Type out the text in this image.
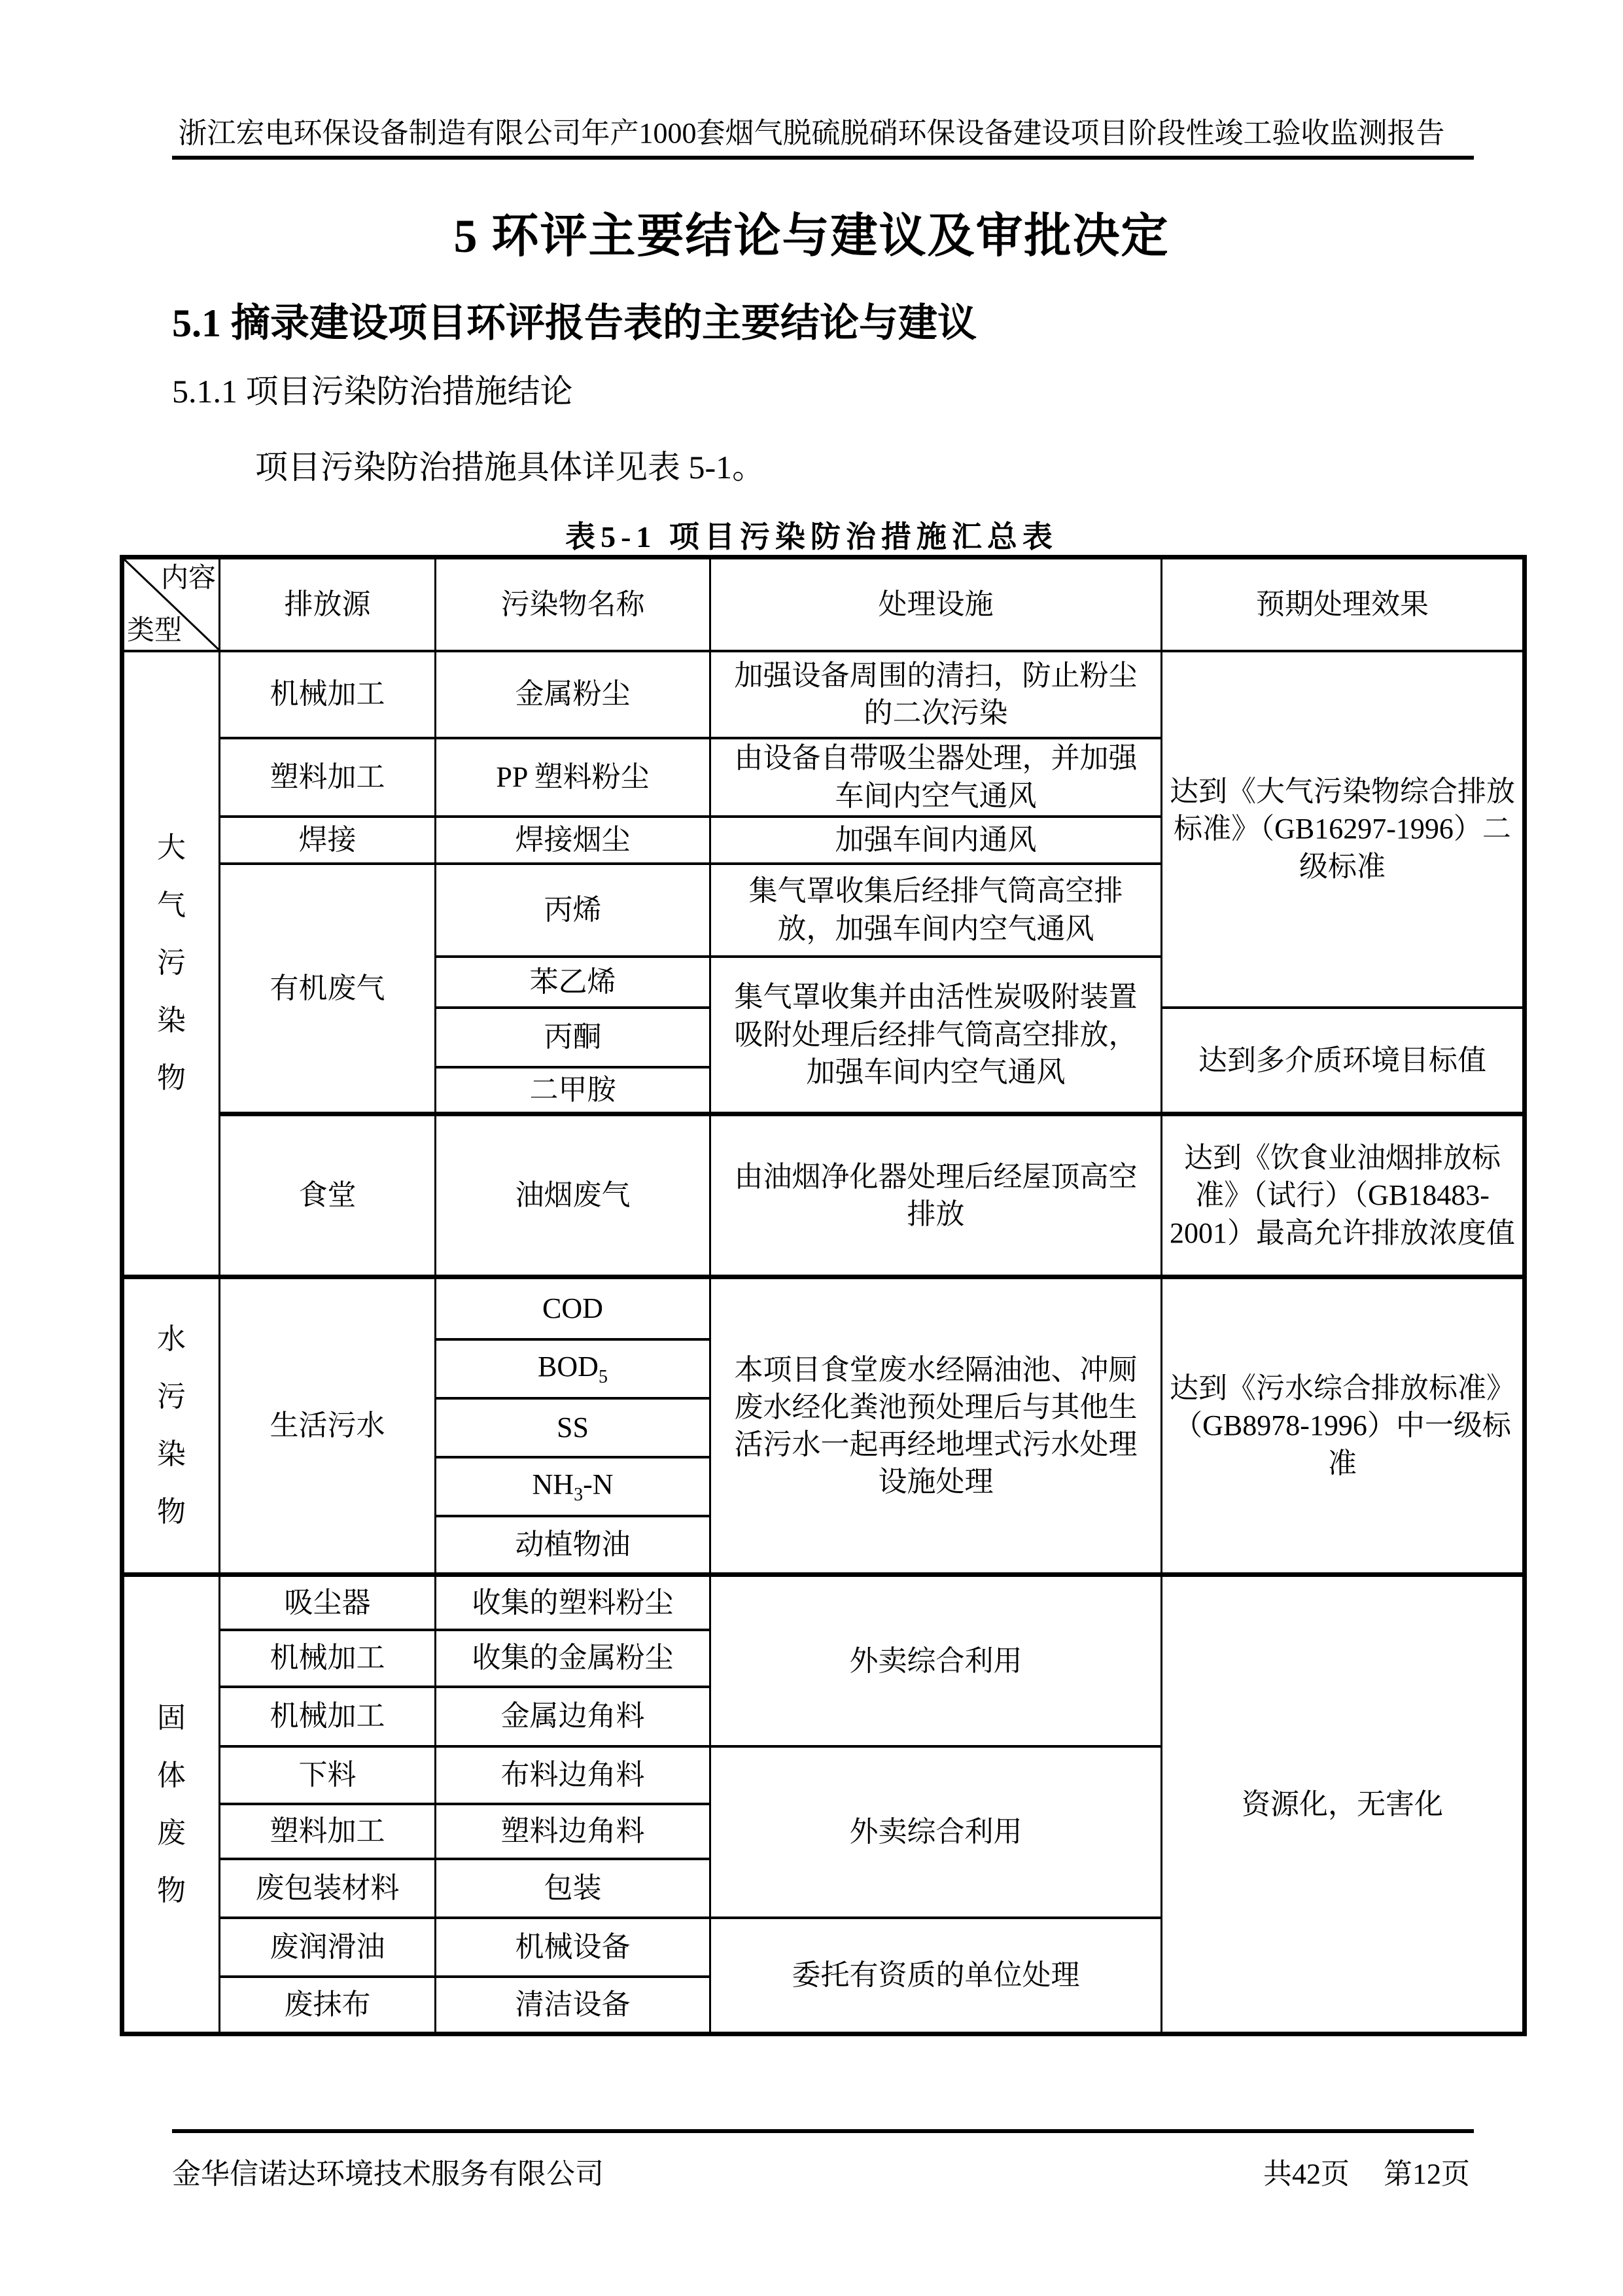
浙江宏电环保设备制造有限公司年产1000套烟气脱硫脱硝环保设备建设项目阶段性竣工验收监测报告
5 环评主要结论与建议及审批决定
5.1 摘录建设项目环评报告表的主要结论与建议
5.1.1 项目污染防治措施结论

项目污染防治措施具体详见表 5-1。

表5-1 项目污染防治措施汇总表
内容
类型	排放源	污染物名称	处理设施	预期处理效果

大气污染物	机械加工	金属粉尘	加强设备周围的清扫，防止粉尘的二次污染	达到《大气污染物综合排放标准》（GB16297-1996）二级标准
	塑料加工	PP 塑料粉尘	由设备自带吸尘器处理，并加强车间内空气通风	
	焊接	焊接烟尘	加强车间内通风	
	有机废气	丙烯	集气罩收集后经排气筒高空排放，加强车间内空气通风	
		苯乙烯	集气罩收集并由活性炭吸附装置吸附处理后经排气筒高空排放，加强车间内空气通风	
		丙酮		达到多介质环境目标值
		二甲胺		
	食堂	油烟废气	由油烟净化器处理后经屋顶高空排放	达到《饮食业油烟排放标准》（试行）（GB18483-2001）最高允许排放浓度值

水污染物	生活污水	COD	本项目食堂废水经隔油池、冲厕废水经化粪池预处理后与其他生活污水一起再经地埋式污水处理设施处理	达到《污水综合排放标准》（GB8978-1996）中一级标准
		$BOD_5$
		SS		
		$NH_3-N$		
		动植物油		

固体废物	吸尘器	收集的塑料粉尘	外卖综合利用	资源化，无害化
	机械加工	收集的金属粉尘		
	机械加工	金属边角料		
	下料	布料边角料	外卖综合利用	
	塑料加工	塑料边角料		
	废包装材料	包装		
	废润滑油	机械设备	委托有资质的单位处理	
	废抹布	清洁设备		
金华信诺达环境技术服务有限公司	共42页 第12页
